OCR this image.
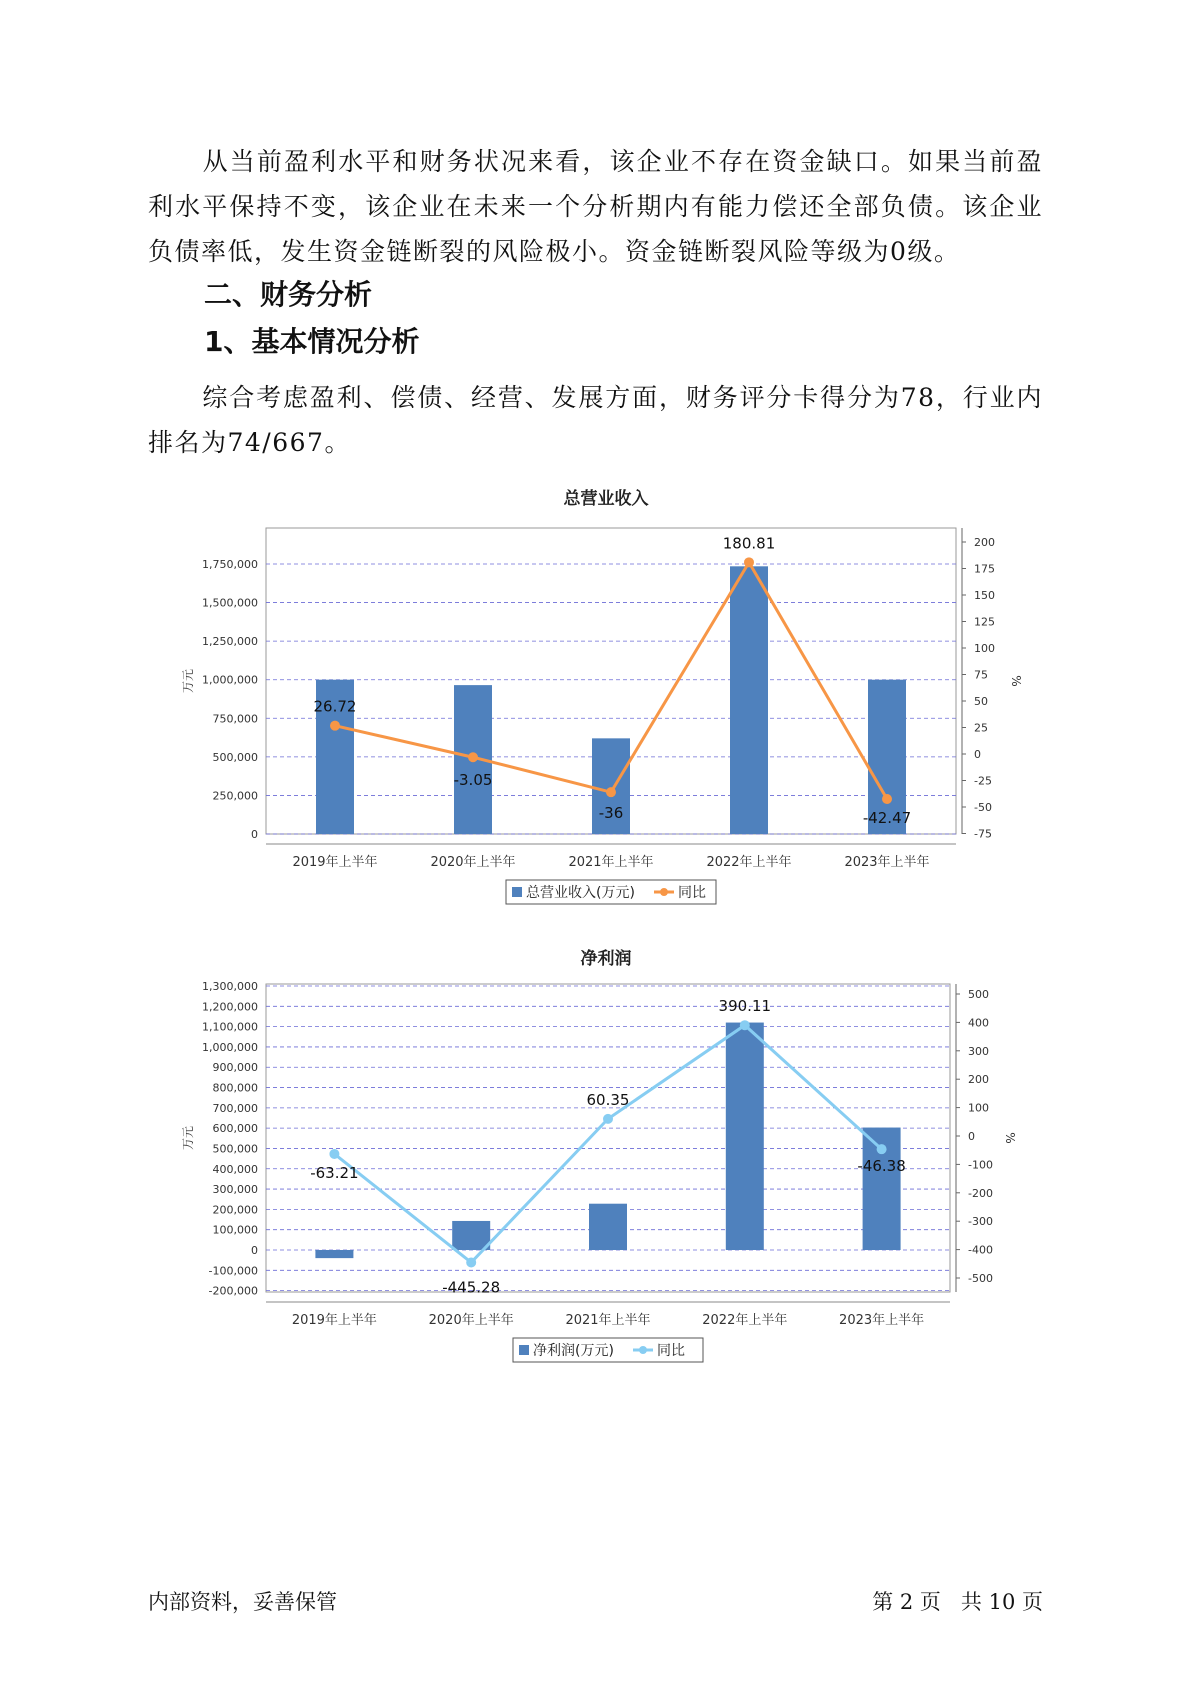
从当前盈利水平和财务状况来看，该企业不存在资金缺口。如果当前盈利水平保持不变，该企业在未来一个分析期内有能力偿还全部负债。该企业负债率低，发生资金链断裂的风险极小。资金链断裂风险等级为0级。

二、财务分析
1、基本情况分析

综合考虑盈利、偿债、经营、发展方面，财务评分卡得分为78，行业内排名为74/667。

总营业收入
0
250,000
500,000
750,000
1,000,000
1,250,000
1,500,000
1,750,000
-75
-50
-25
0
25
50
75
100
125
150
175
200
万元	%
2019年上半年	2020年上半年	2021年上半年	2022年上半年	2023年上半年
26.72
-3.05
-36
180.81
-42.47
总营业收入(万元)	同比
净利润
-200,000
-100,000
0
100,000
200,000
300,000
400,000
500,000
600,000
700,000
800,000
900,000
1,000,000
1,100,000
1,200,000
1,300,000
-500
-400
-300
-200
-100
0
100
200
300
400
500
万元	%
2019年上半年	2020年上半年	2021年上半年	2022年上半年	2023年上半年
-63.21
-445.28
60.35
390.11
-46.38
净利润(万元)	同比
内部资料，妥善保管	第 2 页   共 10 页
